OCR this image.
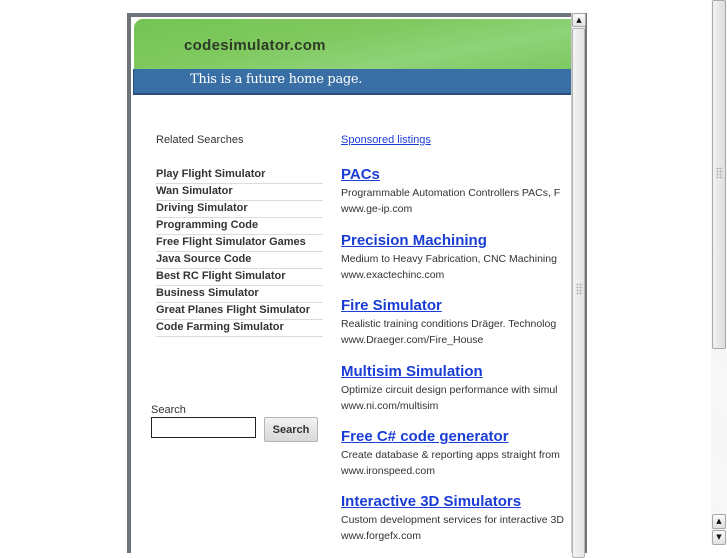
codesimulator.com
This is a future home page.
Related Searches
Play Flight Simulator
Wan Simulator
Driving Simulator
Programming Code
Free Flight Simulator Games
Java Source Code
Best RC Flight Simulator
Business Simulator
Great Planes Flight Simulator
Code Farming Simulator
Search
Search
Sponsored listings
PACs
Programmable Automation Controllers PACs, F
www.ge-ip.com
Precision Machining
Medium to Heavy Fabrication, CNC Machining
www.exactechinc.com
Fire Simulator
Realistic training conditions Dräger. Technolog
www.Draeger.com/Fire_House
Multisim Simulation
Optimize circuit design performance with simul
www.ni.com/multisim
Free C# code generator
Create database & reporting apps straight from
www.ironspeed.com
Interactive 3D Simulators
Custom development services for interactive 3D
www.forgefx.com
▲
▲
▼
